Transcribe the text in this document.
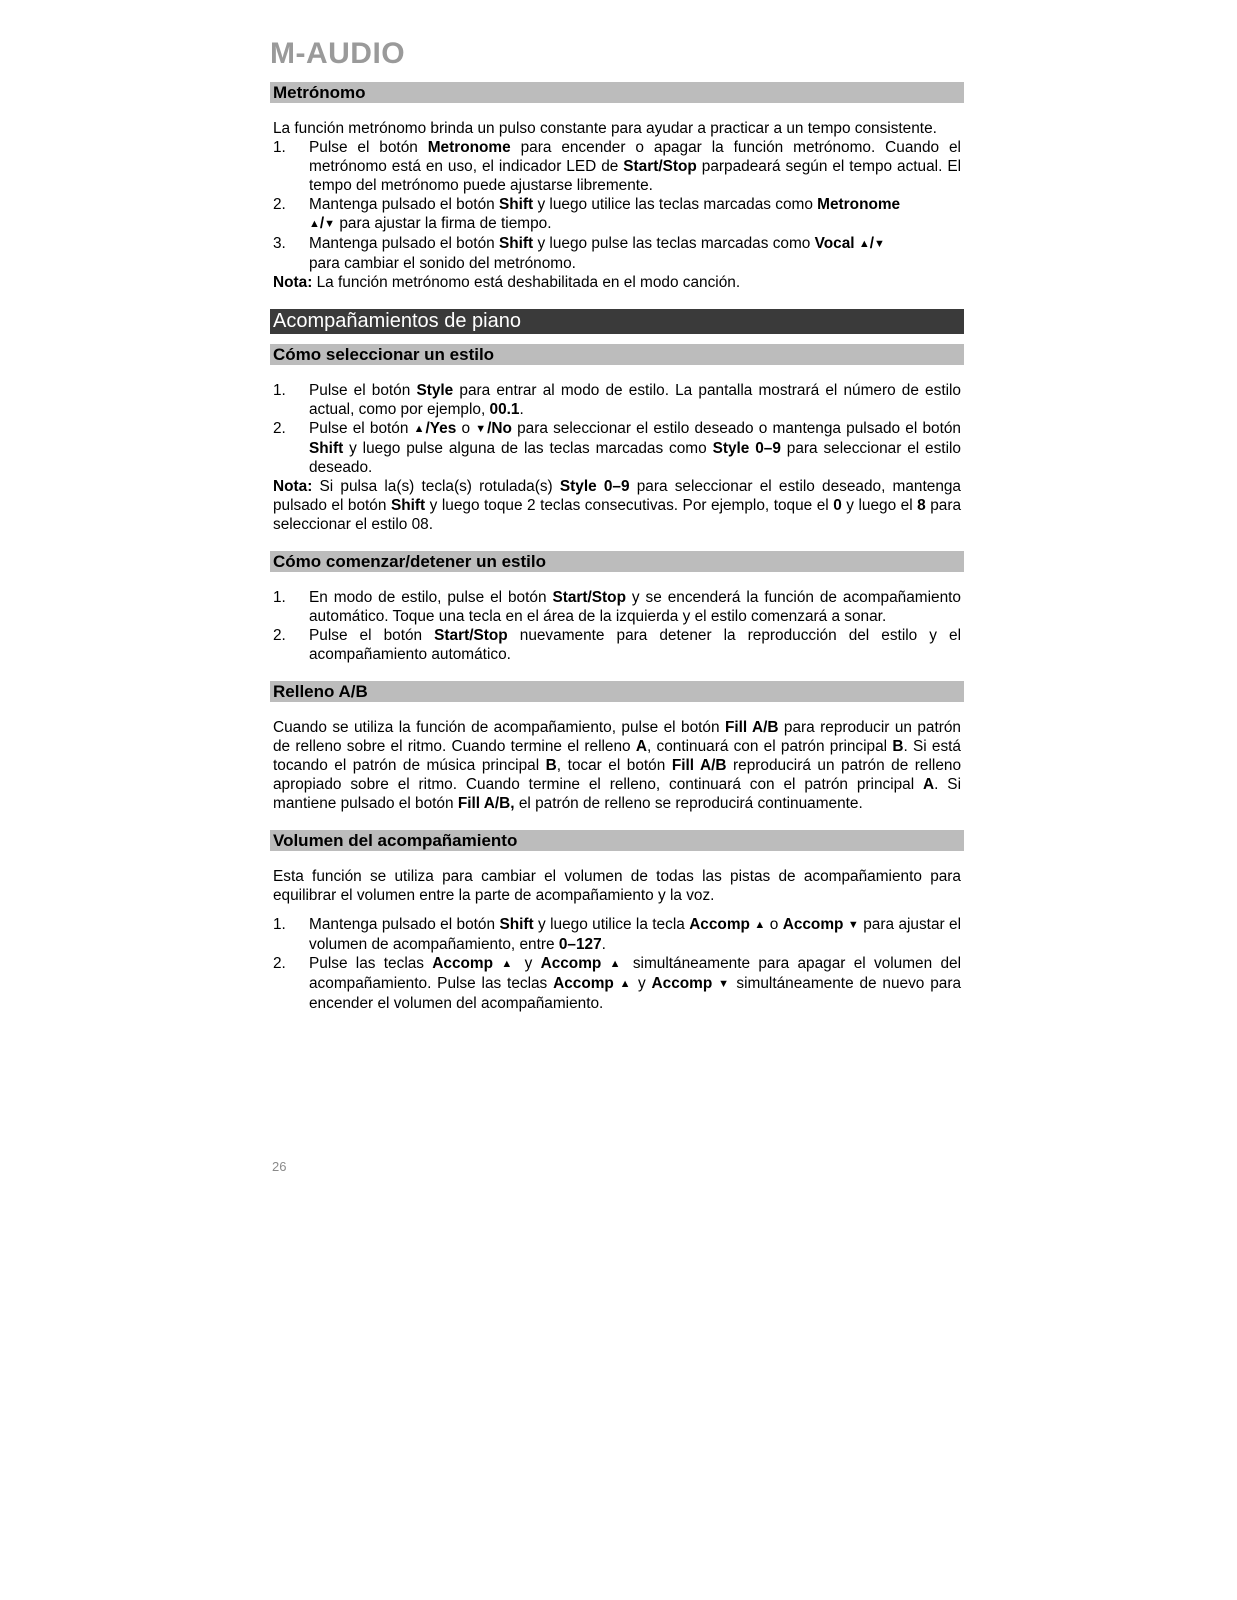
M-AUDIO
Metrónomo

La función metrónomo brinda un pulso constante para ayudar a practicar a un tempo consistente.

1. Pulse el botón Metronome para encender o apagar la función metrónomo. Cuando el metrónomo está en uso, el indicador LED de Start/Stop parpadeará según el tempo actual. El tempo del metrónomo puede ajustarse libremente.
2. Mantenga pulsado el botón Shift y luego utilice las teclas marcadas como Metronome
▲/▼ para ajustar la firma de tiempo.
3. Mantenga pulsado el botón Shift y luego pulse las teclas marcadas como Vocal ▲/▼
para cambiar el sonido del metrónomo.

Nota: La función metrónomo está deshabilitada en el modo canción.

Acompañamientos de piano
Cómo seleccionar un estilo
1. Pulse el botón Style para entrar al modo de estilo. La pantalla mostrará el número de estilo actual, como por ejemplo, 00.1.
2. Pulse el botón ▲/Yes o ▼/No para seleccionar el estilo deseado o mantenga pulsado el botón Shift y luego pulse alguna de las teclas marcadas como Style 0–9 para seleccionar el estilo deseado.

Nota: Si pulsa la(s) tecla(s) rotulada(s) Style 0–9 para seleccionar el estilo deseado, mantenga pulsado el botón Shift y luego toque 2 teclas consecutivas. Por ejemplo, toque el 0 y luego el 8 para seleccionar el estilo 08.

Cómo comenzar/detener un estilo
1. En modo de estilo, pulse el botón Start/Stop y se encenderá la función de acompañamiento automático. Toque una tecla en el área de la izquierda y el estilo comenzará a sonar.
2. Pulse el botón Start/Stop nuevamente para detener la reproducción del estilo y el acompañamiento automático.
Relleno A/B

Cuando se utiliza la función de acompañamiento, pulse el botón Fill A/B para reproducir un patrón de relleno sobre el ritmo. Cuando termine el relleno A, continuará con el patrón principal B. Si está tocando el patrón de música principal B, tocar el botón Fill A/B reproducirá un patrón de relleno apropiado sobre el ritmo. Cuando termine el relleno, continuará con el patrón principal A. Si mantiene pulsado el botón Fill A/B, el patrón de relleno se reproducirá continuamente.

Volumen del acompañamiento

Esta función se utiliza para cambiar el volumen de todas las pistas de acompañamiento para equilibrar el volumen entre la parte de acompañamiento y la voz.

1. Mantenga pulsado el botón Shift y luego utilice la tecla Accomp ▲ o Accomp ▼ para ajustar el volumen de acompañamiento, entre 0–127.
2. Pulse las teclas Accomp ▲ y Accomp ▲ simultáneamente para apagar el volumen del acompañamiento. Pulse las teclas Accomp ▲ y Accomp ▼ simultáneamente de nuevo para encender el volumen del acompañamiento.
26
